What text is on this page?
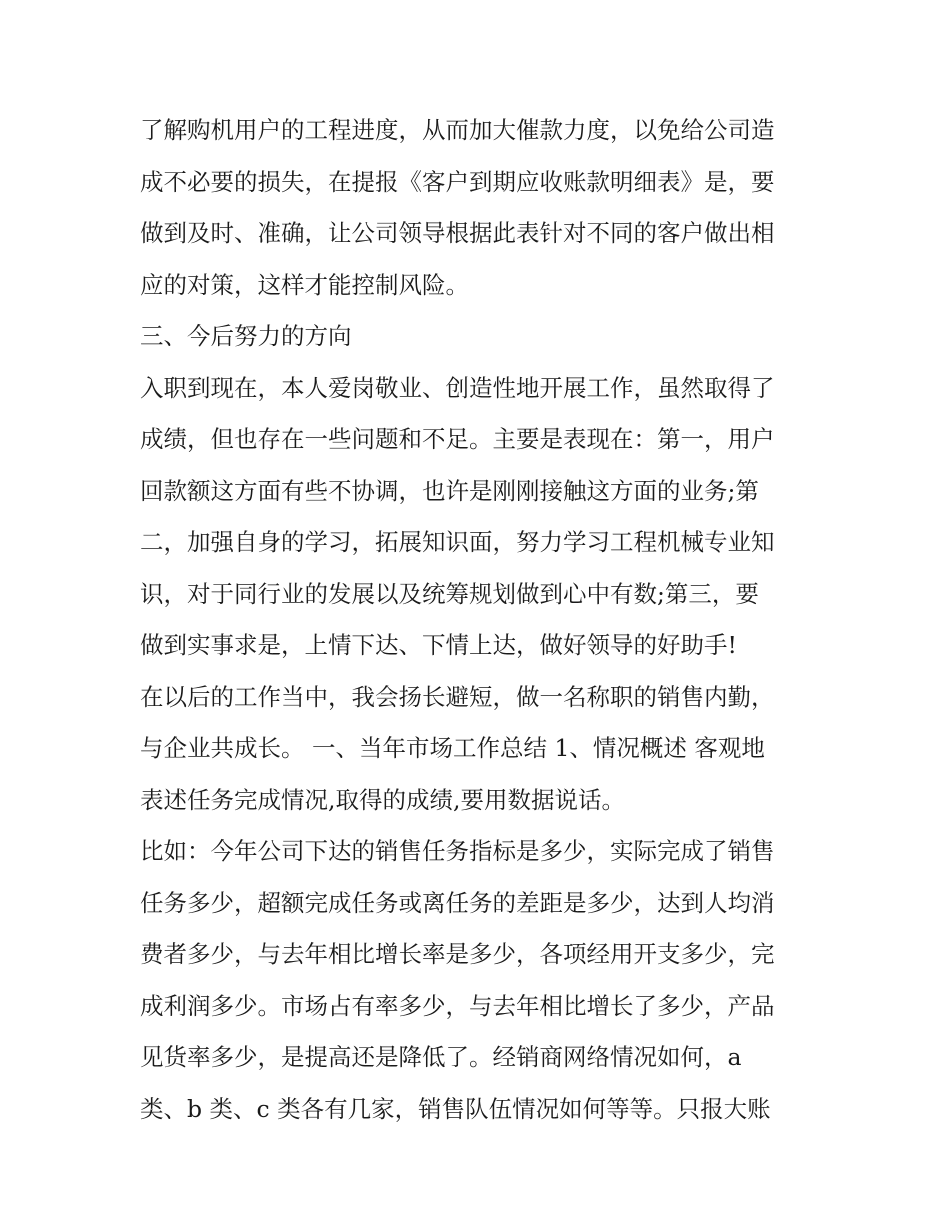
了解购机用户的工程进度，从而加大催款力度，以免给公司造
成不必要的损失，在提报《客户到期应收账款明细表》是，要
做到及时、准确，让公司领导根据此表针对不同的客户做出相
应的对策，这样才能控制风险。
三、今后努力的方向
入职到现在，本人爱岗敬业、创造性地开展工作，虽然取得了
成绩，但也存在一些问题和不足。主要是表现在：第一，用户
回款额这方面有些不协调，也许是刚刚接触这方面的业务;第
二，加强自身的学习，拓展知识面，努力学习工程机械专业知
识，对于同行业的发展以及统筹规划做到心中有数;第三，要
做到实事求是，上情下达、下情上达，做好领导的好助手!
在以后的工作当中，我会扬长避短，做一名称职的销售内勤，
与企业共成长。 一、当年市场工作总结 1、情况概述 客观地
表述任务完成情况,取得的成绩,要用数据说话。
比如：今年公司下达的销售任务指标是多少，实际完成了销售
任务多少，超额完成任务或离任务的差距是多少，达到人均消
费者多少，与去年相比增长率是多少，各项经用开支多少，完
成利润多少。市场占有率多少，与去年相比增长了多少，产品
见货率多少，是提高还是降低了。经销商网络情况如何，a
类、b 类、c 类各有几家，销售队伍情况如何等等。只报大账
